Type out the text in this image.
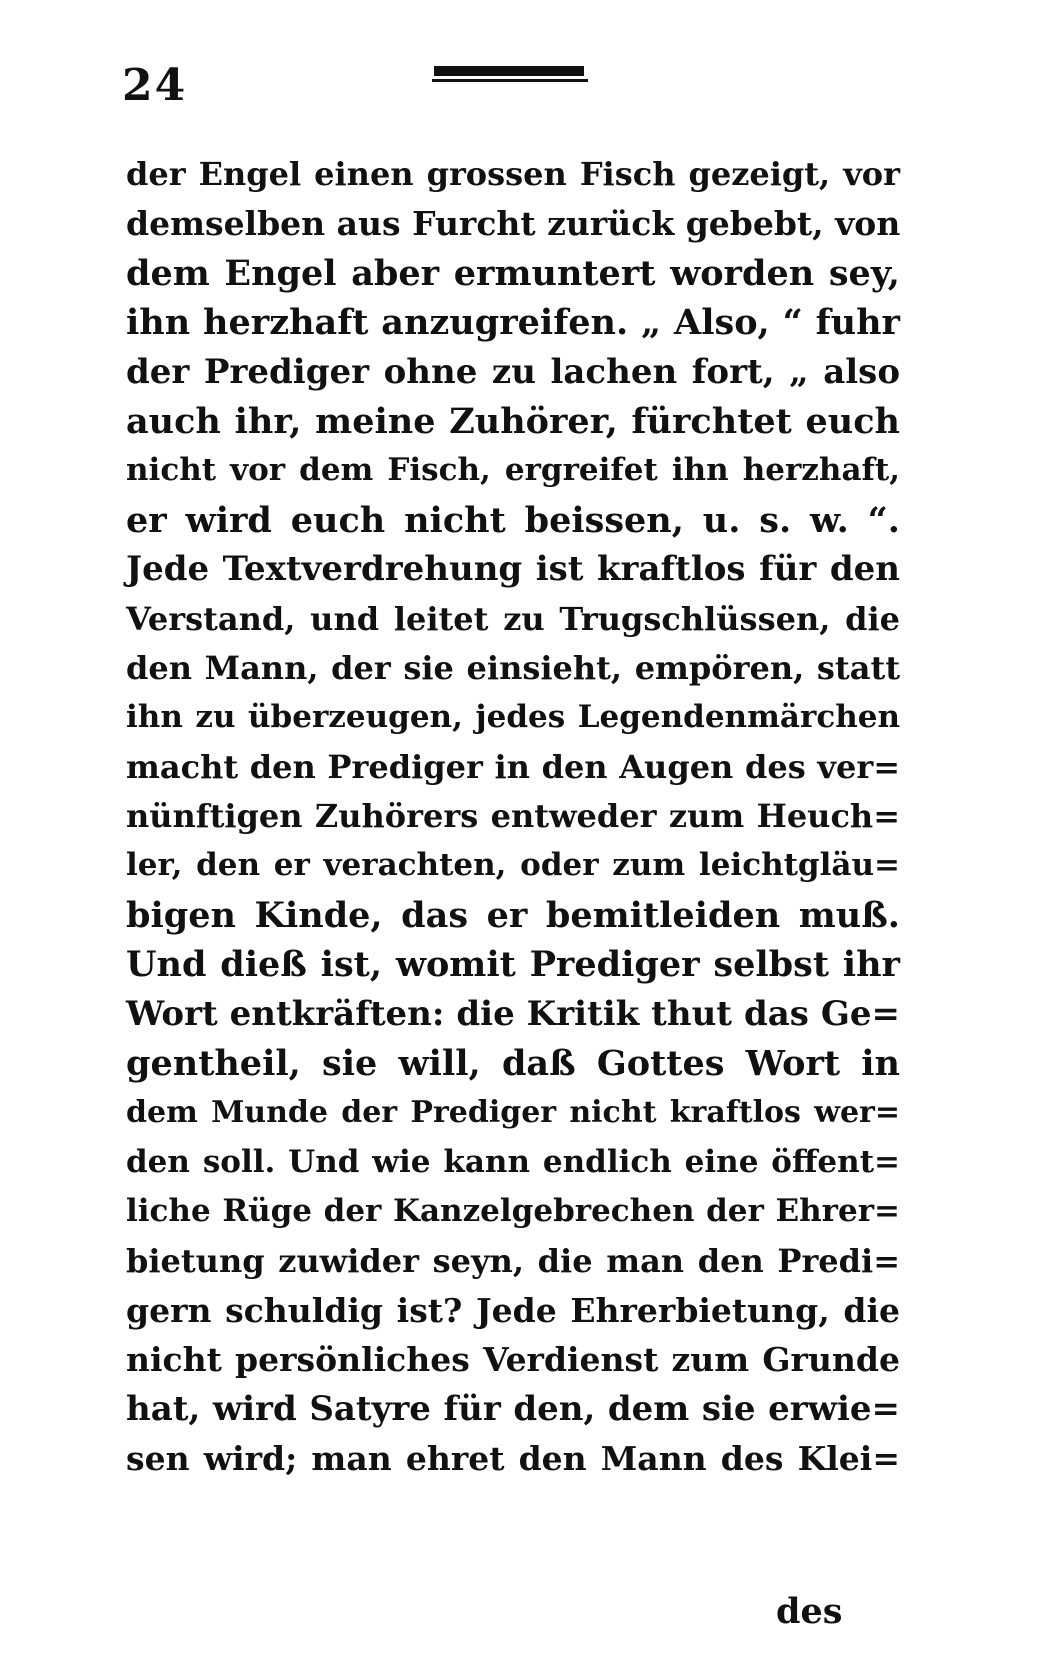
24
der Engel einen grossen Fisch gezeigt, vor
demselben aus Furcht zurück gebebt, von
dem Engel aber ermuntert worden sey,
ihn herzhaft anzugreifen. „ Also, “ fuhr
der Prediger ohne zu lachen fort, „ also
auch ihr, meine Zuhörer, fürchtet euch
nicht vor dem Fisch, ergreifet ihn herzhaft,
er wird euch nicht beissen, u. s. w. “.
Jede Textverdrehung ist kraftlos für den
Verstand, und leitet zu Trugschlüssen, die
den Mann, der sie einsieht, empören, statt
ihn zu überzeugen, jedes Legendenmärchen
macht den Prediger in den Augen des ver=
nünftigen Zuhörers entweder zum Heuch=
ler, den er verachten, oder zum leichtgläu=
bigen Kinde, das er bemitleiden muß.
Und dieß ist, womit Prediger selbst ihr
Wort entkräften: die Kritik thut das Ge=
gentheil, sie will, daß Gottes Wort in
dem Munde der Prediger nicht kraftlos wer=
den soll. Und wie kann endlich eine öffent=
liche Rüge der Kanzelgebrechen der Ehrer=
bietung zuwider seyn, die man den Predi=
gern schuldig ist? Jede Ehrerbietung, die
nicht persönliches Verdienst zum Grunde
hat, wird Satyre für den, dem sie erwie=
sen wird; man ehret den Mann des Klei=
des
